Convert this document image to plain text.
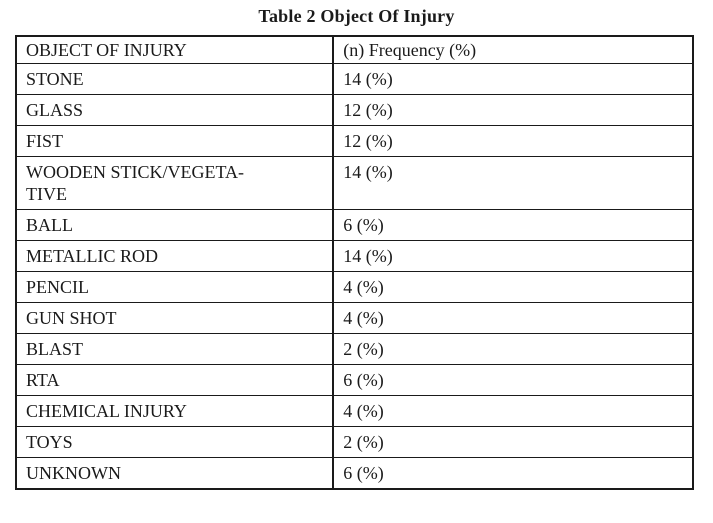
Table 2 Object Of Injury
OBJECT OF INJURY	(n) Frequency (%)
STONE	14 (%)
GLASS	12 (%)
FIST	12 (%)
WOODEN STICK/VEGETA-
TIVE	14 (%)
BALL	6 (%)
METALLIC ROD	14 (%)
PENCIL	4 (%)
GUN SHOT	4 (%)
BLAST	2 (%)
RTA	6 (%)
CHEMICAL INJURY	4 (%)
TOYS	2 (%)
UNKNOWN	6 (%)
